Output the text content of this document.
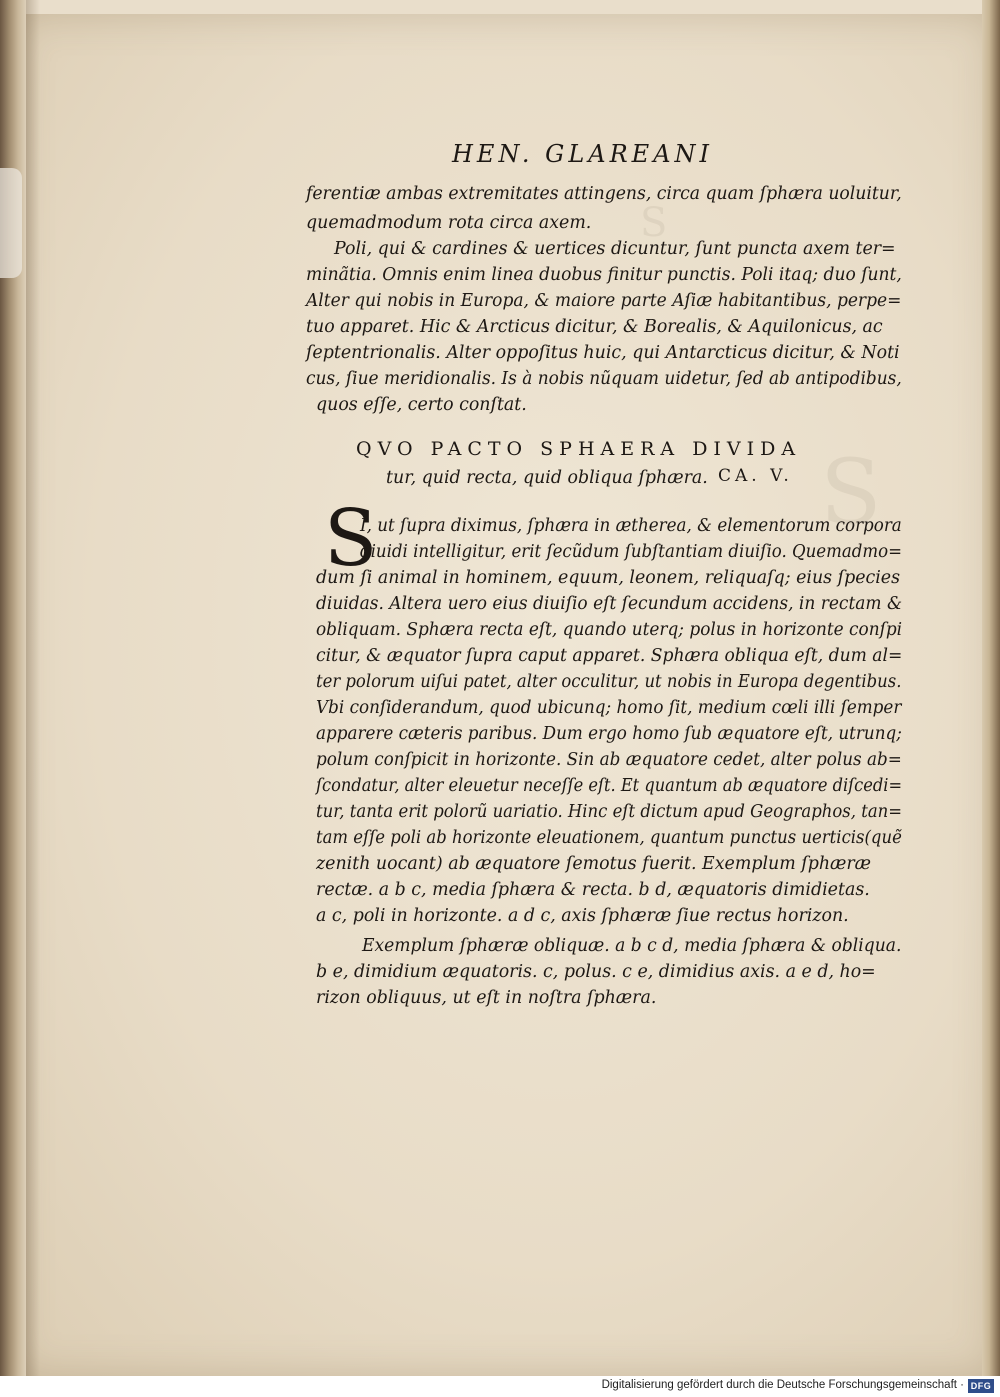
S
S
HEN. GLAREANI
ferentiæ ambas extremitates attingens, circa quam ſphæra uoluitur,
quemadmodum rota circa axem.
Poli, qui & cardines & uertices dicuntur, ſunt puncta axem ter=
minãtia. Omnis enim linea duobus finitur punctis. Poli itaq; duo ſunt,
Alter qui nobis in Europa, & maiore parte Aſiæ habitantibus, perpe=
tuo apparet. Hic & Arcticus dicitur, & Borealis, & Aquilonicus, ac
ſeptentrionalis. Alter oppoſitus huic, qui Antarcticus dicitur, & Noti
cus, ſiue meridionalis. Is à nobis nũquam uidetur, ſed ab antipodibus,
quos eſſe, certo conſtat.
QVO PACTO SPHAERA DIVIDA
tur, quid recta, quid obliqua ſphæra. CA. V.
S
I, ut ſupra diximus, ſphæra in ætherea, & elementorum corpora
diuidi intelligitur, erit ſecũdum ſubſtantiam diuiſio. Quemadmo=
dum ſi animal in hominem, equum, leonem, reliquaſq; eius ſpecies
diuidas. Altera uero eius diuiſio eſt ſecundum accidens, in rectam &
obliquam. Sphæra recta eſt, quando uterq; polus in horizonte conſpi
citur, & æquator ſupra caput apparet. Sphæra obliqua eſt, dum al=
ter polorum uiſui patet, alter occulitur, ut nobis in Europa degentibus.
Vbi conſiderandum, quod ubicunq; homo ſit, medium cœli illi ſemper
apparere cæteris paribus. Dum ergo homo ſub æquatore eſt, utrunq;
polum conſpicit in horizonte. Sin ab æquatore cedet, alter polus ab=
ſcondatur, alter eleuetur neceſſe eſt. Et quantum ab æquatore diſcedi=
tur, tanta erit polorũ uariatio. Hinc eſt dictum apud Geographos, tan=
tam eſſe poli ab horizonte eleuationem, quantum punctus uerticis(quẽ
zenith uocant) ab æquatore ſemotus fuerit. Exemplum ſphæræ
rectæ. a b c, media ſphæra & recta. b d, æquatoris dimidietas.
a c, poli in horizonte. a d c, axis ſphæræ ſiue rectus horizon.
Exemplum ſphæræ obliquæ. a b c d, media ſphæra & obliqua.
b e, dimidium æquatoris. c, polus. c e, dimidius axis. a e d, ho=
rizon obliquus, ut eſt in noſtra ſphæra.
Digitalisierung gefördert durch die Deutsche Forschungsgemeinschaft · DFG
